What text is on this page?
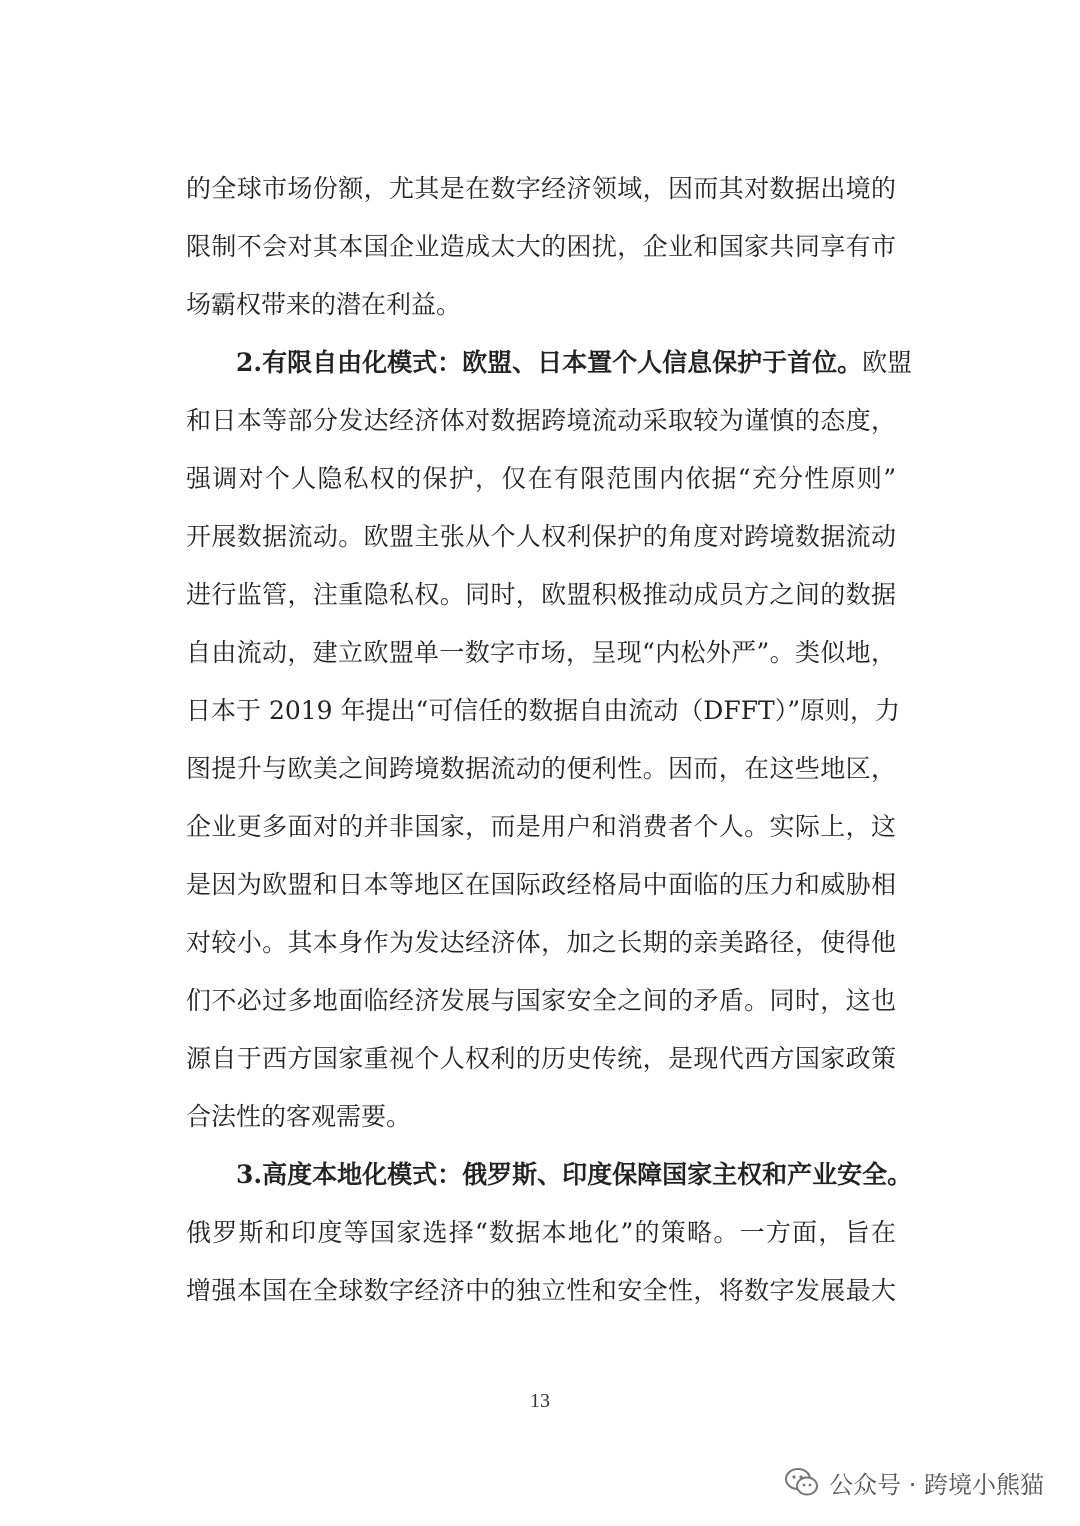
的全球市场份额，尤其是在数字经济领域，因而其对数据出境的
限制不会对其本国企业造成太大的困扰，企业和国家共同享有市
场霸权带来的潜在利益。
2.有限自由化模式：欧盟、日本置个人信息保护于首位。欧盟
和日本等部分发达经济体对数据跨境流动采取较为谨慎的态度，
强调对个人隐私权的保护，仅在有限范围内依据“充分性原则”
开展数据流动。欧盟主张从个人权利保护的角度对跨境数据流动
进行监管，注重隐私权。同时，欧盟积极推动成员方之间的数据
自由流动，建立欧盟单一数字市场，呈现“内松外严”。类似地，
日本于 2019 年提出“可信任的数据自由流动（DFFT）”原则，力
图提升与欧美之间跨境数据流动的便利性。因而，在这些地区，
企业更多面对的并非国家，而是用户和消费者个人。实际上，这
是因为欧盟和日本等地区在国际政经格局中面临的压力和威胁相
对较小。其本身作为发达经济体，加之长期的亲美路径，使得他
们不必过多地面临经济发展与国家安全之间的矛盾。同时，这也
源自于西方国家重视个人权利的历史传统，是现代西方国家政策
合法性的客观需要。
3.高度本地化模式：俄罗斯、印度保障国家主权和产业安全。
俄罗斯和印度等国家选择“数据本地化”的策略。一方面，旨在
增强本国在全球数字经济中的独立性和安全性，将数字发展最大
13
公众号 · 跨境小熊猫
